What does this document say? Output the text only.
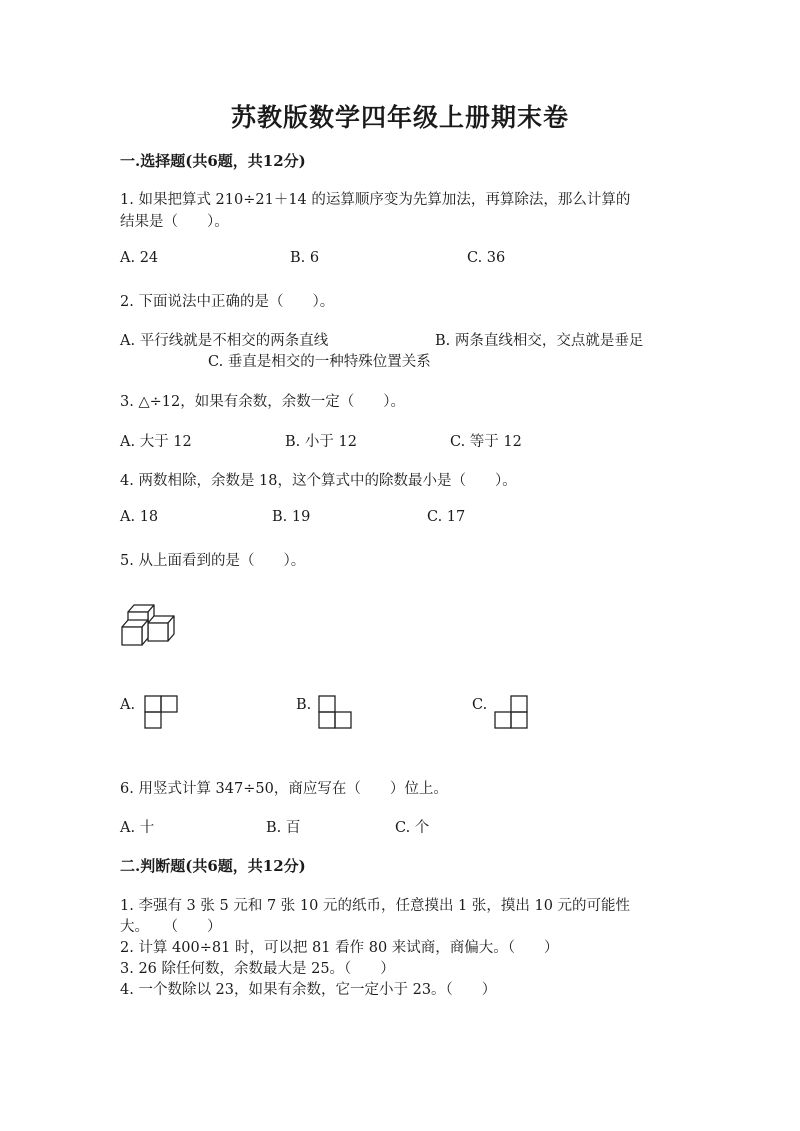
苏教版数学四年级上册期末卷
一.选择题(共6题，共12分)
1. 如果把算式 210÷21＋14 的运算顺序变为先算加法，再算除法，那么计算的
结果是（　　）。
A. 24	B. 6	C. 36
2. 下面说法中正确的是（　　）。
A. 平行线就是不相交的两条直线	B. 两条直线相交，交点就是垂足
C. 垂直是相交的一种特殊位置关系
3. △÷12，如果有余数，余数一定（　　）。
A. 大于 12	B. 小于 12	C. 等于 12
4. 两数相除，余数是 18，这个算式中的除数最小是（　　）。
A. 18	B. 19	C. 17
5. 从上面看到的是（　　）。
A.	B.	C.
6. 用竖式计算 347÷50，商应写在（　　）位上。
A. 十	B. 百	C. 个
二.判断题(共6题，共12分)
1. 李强有 3 张 5 元和 7 张 10 元的纸币，任意摸出 1 张，摸出 10 元的可能性
大。　　（　　）
2. 计算 400÷81 时，可以把 81 看作 80 来试商，商偏大。（　　）
3. 26 除任何数，余数最大是 25。（　　）
4. 一个数除以 23，如果有余数，它一定小于 23。（　　）
